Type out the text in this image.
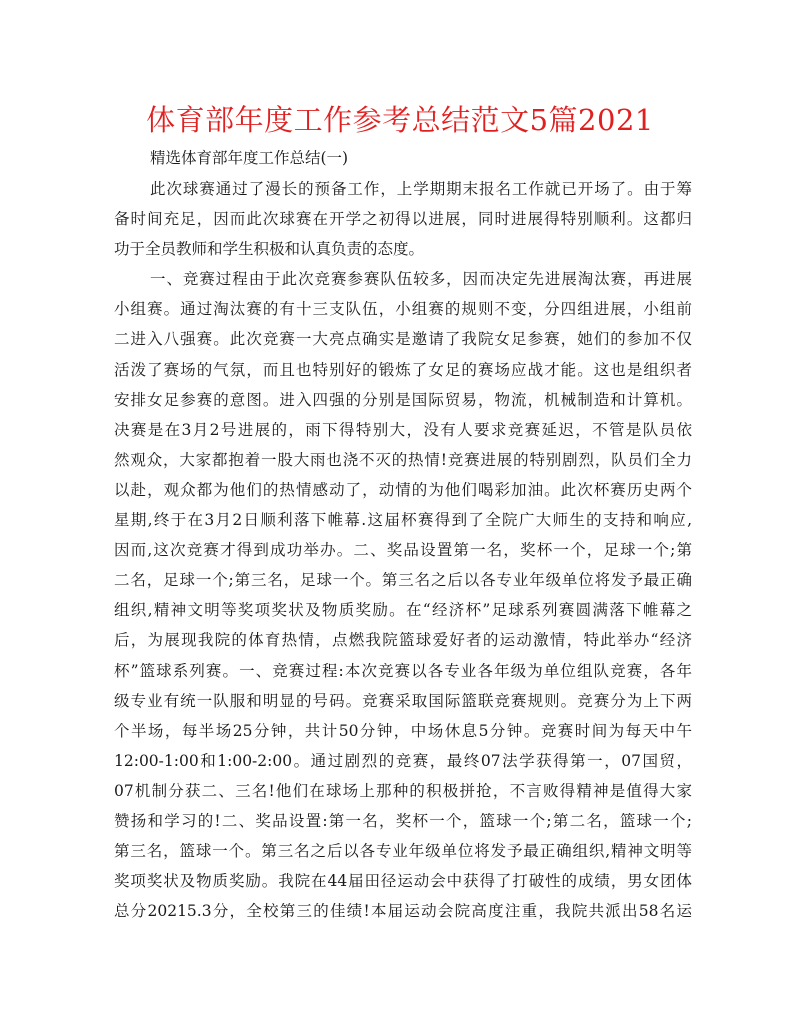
体育部年度工作参考总结范文5篇2021
精选体育部年度工作总结(一)
此次球赛通过了漫长的预备工作，上学期期末报名工作就已开场了。由于筹
备时间充足，因而此次球赛在开学之初得以进展，同时进展得特别顺利。这都归
功于全员教师和学生积极和认真负责的态度。
一、竞赛过程由于此次竞赛参赛队伍较多，因而决定先进展淘汰赛，再进展
小组赛。通过淘汰赛的有十三支队伍，小组赛的规则不变，分四组进展，小组前
二进入八强赛。此次竞赛一大亮点确实是邀请了我院女足参赛，她们的参加不仅
活泼了赛场的气氛，而且也特别好的锻炼了女足的赛场应战才能。这也是组织者
安排女足参赛的意图。进入四强的分别是国际贸易，物流，机械制造和计算机。
决赛是在3月2号进展的，雨下得特别大，没有人要求竞赛延迟，不管是队员依
然观众，大家都抱着一股大雨也浇不灭的热情!竞赛进展的特别剧烈，队员们全力
以赴，观众都为他们的热情感动了，动情的为他们喝彩加油。此次杯赛历史两个
星期,终于在3月2日顺利落下帷幕.这届杯赛得到了全院广大师生的支持和响应,
因而,这次竞赛才得到成功举办。二、奖品设置第一名，奖杯一个，足球一个;第
二名，足球一个;第三名，足球一个。第三名之后以各专业年级单位将发予最正确
组织,精神文明等奖项奖状及物质奖励。在“经济杯”足球系列赛圆满落下帷幕之
后，为展现我院的体育热情，点燃我院篮球爱好者的运动激情，特此举办“经济
杯”篮球系列赛。一、竞赛过程:本次竞赛以各专业各年级为单位组队竞赛，各年
级专业有统一队服和明显的号码。竞赛采取国际篮联竞赛规则。竞赛分为上下两
个半场，每半场25分钟，共计50分钟，中场休息5分钟。竞赛时间为每天中午
12:00-1:00和1:00-2:00。通过剧烈的竞赛，最终07法学获得第一，07国贸，
07机制分获二、三名!他们在球场上那种的积极拼抢，不言败得精神是值得大家
赞扬和学习的!二、奖品设置:第一名，奖杯一个，篮球一个;第二名，篮球一个;
第三名，篮球一个。第三名之后以各专业年级单位将发予最正确组织,精神文明等
奖项奖状及物质奖励。我院在44届田径运动会中获得了打破性的成绩，男女团体
总分20215.3分，全校第三的佳绩!本届运动会院高度注重，我院共派出58名运
